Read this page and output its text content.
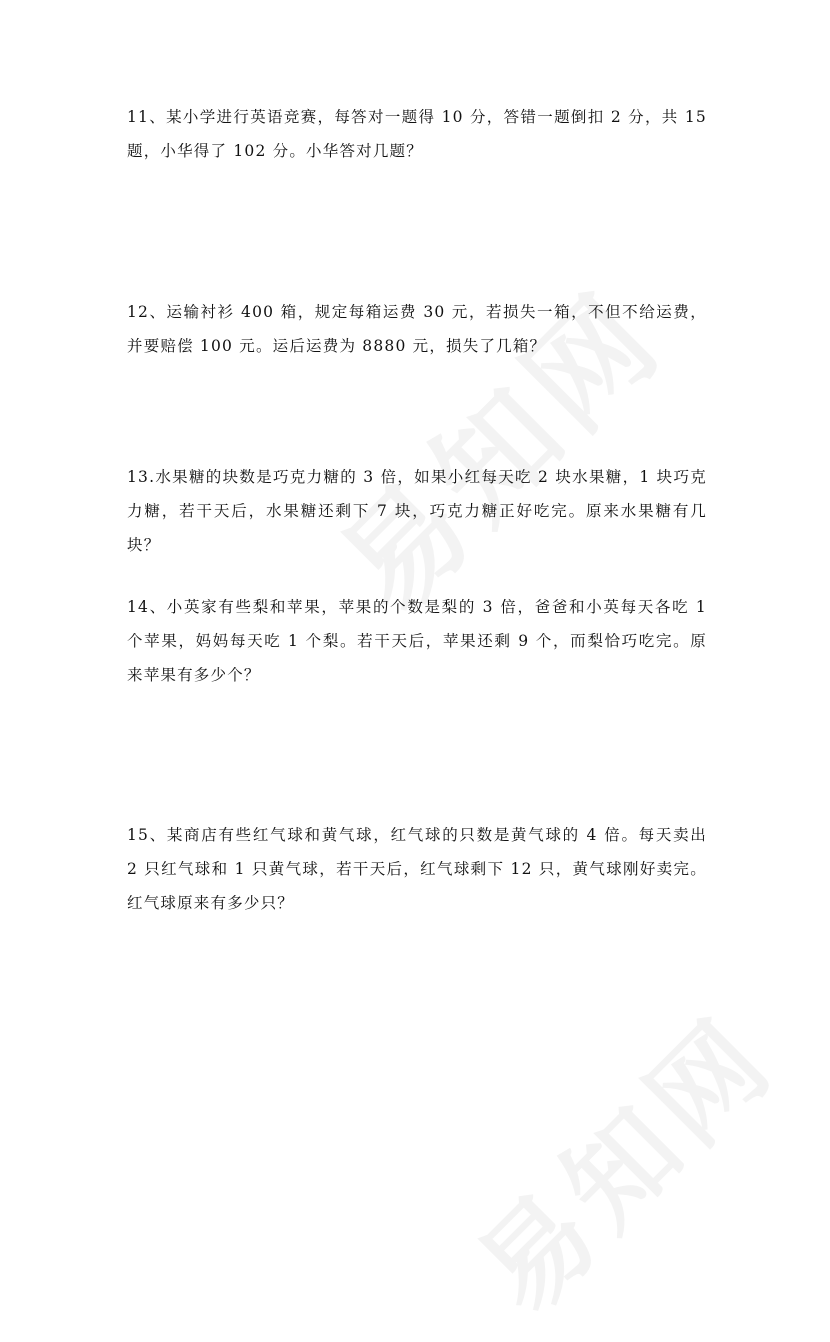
11、某小学进行英语竞赛，每答对一题得 10 分，答错一题倒扣 2 分，共 15 题，小华得了 102 分。小华答对几题？

12、运输衬衫 400 箱，规定每箱运费 30 元，若损失一箱，不但不给运费，并要赔偿 100 元。运后运费为 8880 元，损失了几箱？

13.水果糖的块数是巧克力糖的 3 倍，如果小红每天吃 2 块水果糖，1 块巧克力糖，若干天后，水果糖还剩下 7 块，巧克力糖正好吃完。原来水果糖有几块？

14、小英家有些梨和苹果，苹果的个数是梨的 3 倍，爸爸和小英每天各吃 1 个苹果，妈妈每天吃 1 个梨。若干天后，苹果还剩 9 个，而梨恰巧吃完。原来苹果有多少个？

15、某商店有些红气球和黄气球，红气球的只数是黄气球的 4 倍。每天卖出 2 只红气球和 1 只黄气球，若干天后，红气球剩下 12 只，黄气球刚好卖完。红气球原来有多少只？
